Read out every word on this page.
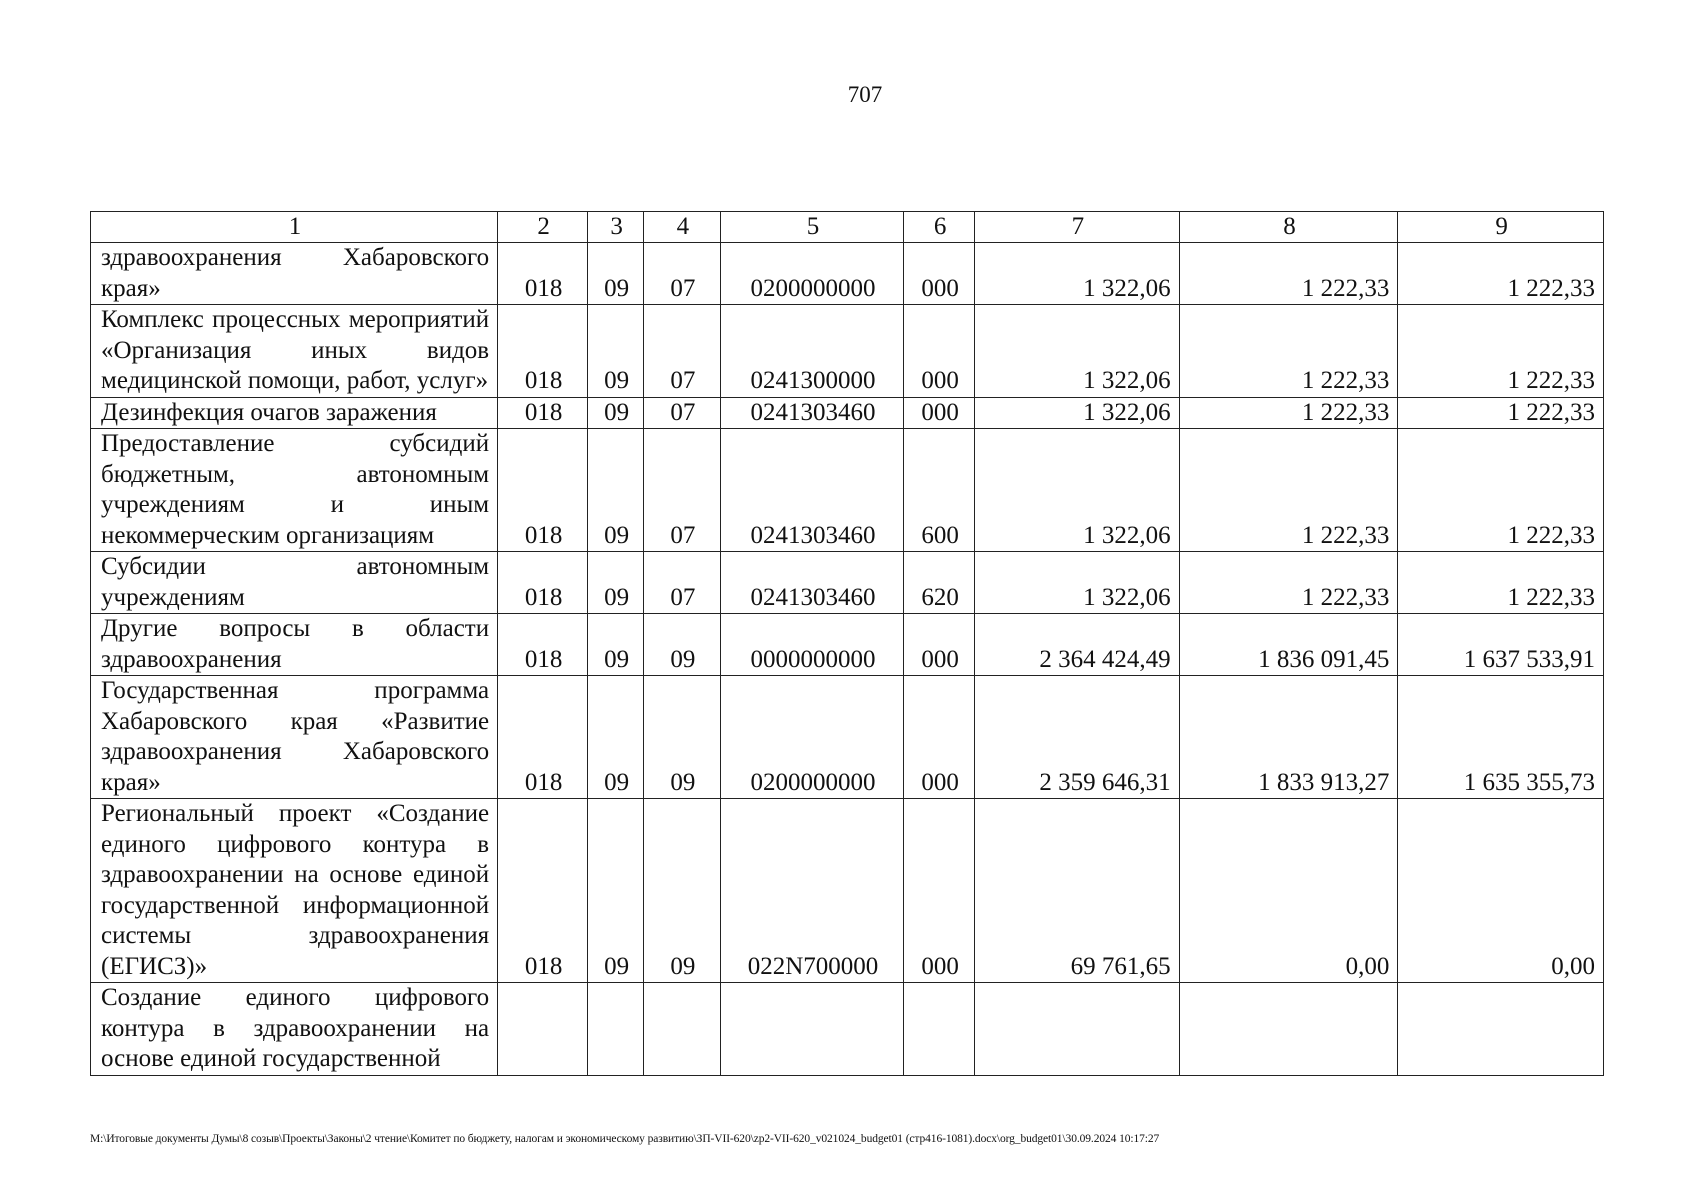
707
1	2	3	4	5	6	7	8	9
здравоохранения Хабаровского края»	018	09	07	0200000000	000	1 322,06	1 222,33	1 222,33
Комплекс процессных мероприятий «Организация иных видов медицинской помощи, работ, услуг»	018	09	07	0241300000	000	1 322,06	1 222,33	1 222,33
Дезинфекция очагов заражения	018	09	07	0241303460	000	1 322,06	1 222,33	1 222,33
Предоставление субсидий бюджетным, автономным учреждениям и иным некоммерческим организациям	018	09	07	0241303460	600	1 322,06	1 222,33	1 222,33
Субсидии автономным учреждениям	018	09	07	0241303460	620	1 322,06	1 222,33	1 222,33
Другие вопросы в области здравоохранения	018	09	09	0000000000	000	2 364 424,49	1 836 091,45	1 637 533,91
Государственная программа Хабаровского края «Развитие здравоохранения Хабаровского края»	018	09	09	0200000000	000	2 359 646,31	1 833 913,27	1 635 355,73
Региональный проект «Создание единого цифрового контура в здравоохранении на основе единой государственной информационной системы здравоохранения (ЕГИСЗ)»	018	09	09	022N700000	000	69 761,65	0,00	0,00
Создание единого цифрового контура в здравоохранении на основе единой государственной								
M:\Итоговые документы Думы\8 созыв\Проекты\Законы\2 чтение\Комитет по бюджету, налогам и экономическому развитию\ЗП-VII-620\zp2-VII-620_v021024_budget01 (стр416-1081).docx\org_budget01\30.09.2024 10:17:27
